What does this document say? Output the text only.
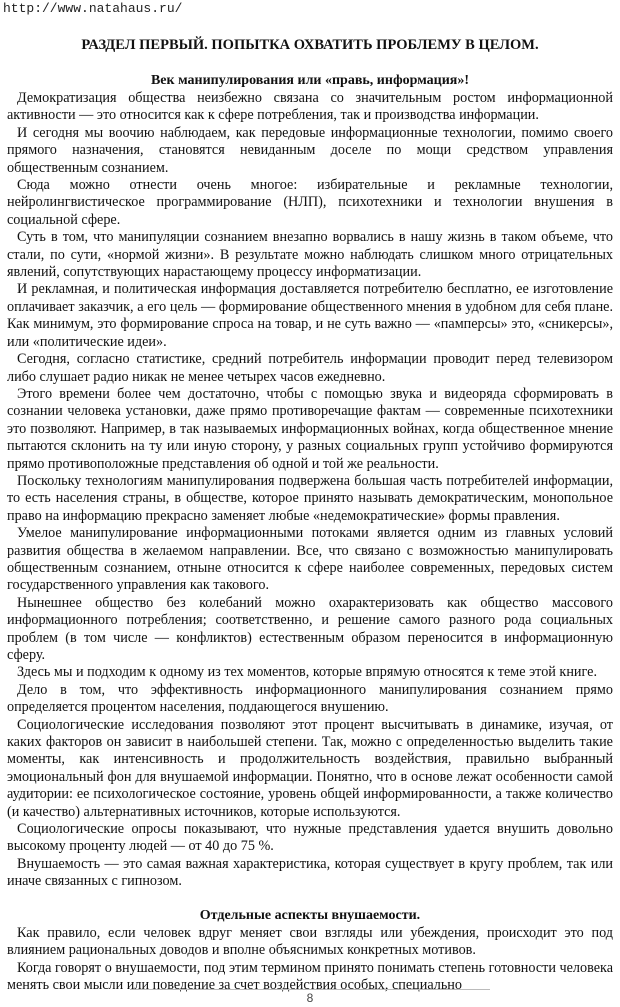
http://www.natahaus.ru/
РАЗДЕЛ ПЕРВЫЙ. ПОПЫТКА ОХВАТИТЬ ПРОБЛЕМУ В ЦЕЛОМ.
Век манипулирования или «правь, информация»!

Демократизация общества неизбежно связана со значительным ростом информационной активности — это относится как к сфере потребления, так и производства информации.

И сегодня мы воочию наблюдаем, как передовые информационные технологии, помимо своего прямого назначения, становятся невиданным доселе по мощи средством управления общественным сознанием.

Сюда можно отнести очень многое: избирательные и рекламные технологии, нейролингвистическое программирование (НЛП), психотехники и технологии внушения в социальной сфере.

Суть в том, что манипуляции сознанием внезапно ворвались в нашу жизнь в таком объеме, что стали, по сути, «нормой жизни». В результате можно наблюдать слишком много отрицательных явлений, сопутствующих нарастающему процессу информатизации.

И рекламная, и политическая информация доставляется потребителю бесплатно, ее изготовление оплачивает заказчик, а его цель — формирование общественного мнения в удобном для себя плане. Как минимум, это формирование спроса на товар, и не суть важно — «памперсы» это, «сникерсы», или «политические идеи».

Сегодня, согласно статистике, средний потребитель информации проводит перед телевизором либо слушает радио никак не менее четырех часов ежедневно.

Этого времени более чем достаточно, чтобы с помощью звука и видеоряда сформировать в сознании человека установки, даже прямо противоречащие фактам — современные психотехники это позволяют. Например, в так называемых информационных войнах, когда общественное мнение пытаются склонить на ту или иную сторону, у разных социальных групп устойчиво формируются прямо противоположные представления об одной и той же реальности.

Поскольку технологиям манипулирования подвержена большая часть потребителей информации, то есть населения страны, в обществе, которое принято называть демократическим, монопольное право на информацию прекрасно заменяет любые «недемократические» формы правления.

Умелое манипулирование информационными потоками является одним из главных условий развития общества в желаемом направлении. Все, что связано с возможностью манипулировать общественным сознанием, отныне относится к сфере наиболее современных, передовых систем государственного управления как такового.

Нынешнее общество без колебаний можно охарактеризовать как общество массового информационного потребления; соответственно, и решение самого разного рода социальных проблем (в том числе — конфликтов) естественным образом переносится в информационную сферу.

Здесь мы и подходим к одному из тех моментов, которые впрямую относятся к теме этой книге.

Дело в том, что эффективность информационного манипулирования сознанием прямо определяется процентом населения, поддающегося внушению.

Социологические исследования позволяют этот процент высчитывать в динамике, изучая, от каких факторов он зависит в наибольшей степени. Так, можно с определенностью выделить такие моменты, как интенсивность и продолжительность воздействия, правильно выбранный эмоциональный фон для внушаемой информации. Понятно, что в основе лежат особенности самой аудитории: ее психологическое состояние, уровень общей информированности, а также количество (и качество) альтернативных источников, которые используются.

Социологические опросы показывают, что нужные представления удается внушить довольно высокому проценту людей — от 40 до 75 %.

Внушаемость — это самая важная характеристика, которая существует в кругу проблем, так или иначе связанных с гипнозом.

Отдельные аспекты внушаемости.

Как правило, если человек вдруг меняет свои взгляды или убеждения, происходит это под влиянием рациональных доводов и вполне объяснимых конкретных мотивов.

Когда говорят о внушаемости, под этим термином принято понимать степень готовности человека менять свои мысли или поведение за счет воздействия особых, специально

8
